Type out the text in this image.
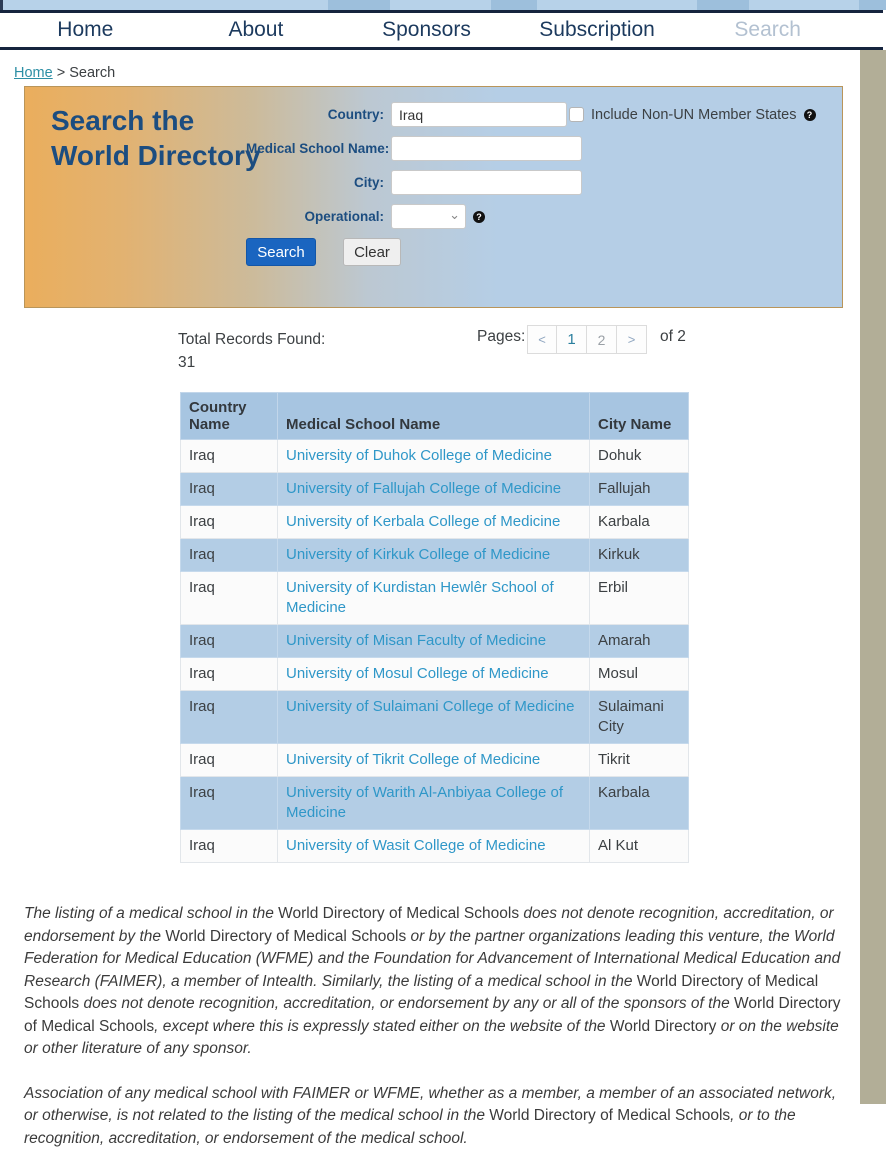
Home	About	Sponsors	Subscription	Search
Home > Search
Search the World Directory
Country:
Iraq	Include Non-UN Member States	?
Medical School Name:
City:
Operational:	⌄	?
Search	Clear
Total Records Found:
31
Pages: <	1	2	>	of 2
Country Name	Medical School Name	City Name
Iraq	University of Duhok College of Medicine	Dohuk
Iraq	University of Fallujah College of Medicine	Fallujah
Iraq	University of Kerbala College of Medicine	Karbala
Iraq	University of Kirkuk College of Medicine	Kirkuk
Iraq	University of Kurdistan Hewlêr School of Medicine	Erbil
Iraq	University of Misan Faculty of Medicine	Amarah
Iraq	University of Mosul College of Medicine	Mosul
Iraq	University of Sulaimani College of Medicine	Sulaimani City
Iraq	University of Tikrit College of Medicine	Tikrit
Iraq	University of Warith Al-Anbiyaa College of Medicine	Karbala
Iraq	University of Wasit College of Medicine	Al Kut

The listing of a medical school in the World Directory of Medical Schools does not denote recognition, accreditation, or endorsement by the World Directory of Medical Schools or by the partner organizations leading this venture, the World Federation for Medical Education (WFME) and the Foundation for Advancement of International Medical Education and Research (FAIMER), a member of Intealth. Similarly, the listing of a medical school in the World Directory of Medical Schools does not denote recognition, accreditation, or endorsement by any or all of the sponsors of the World Directory of Medical Schools, except where this is expressly stated either on the website of the World Directory or on the website or other literature of any sponsor.

Association of any medical school with FAIMER or WFME, whether as a member, a member of an associated network, or otherwise, is not related to the listing of the medical school in the World Directory of Medical Schools, or to the recognition, accreditation, or endorsement of the medical school.
